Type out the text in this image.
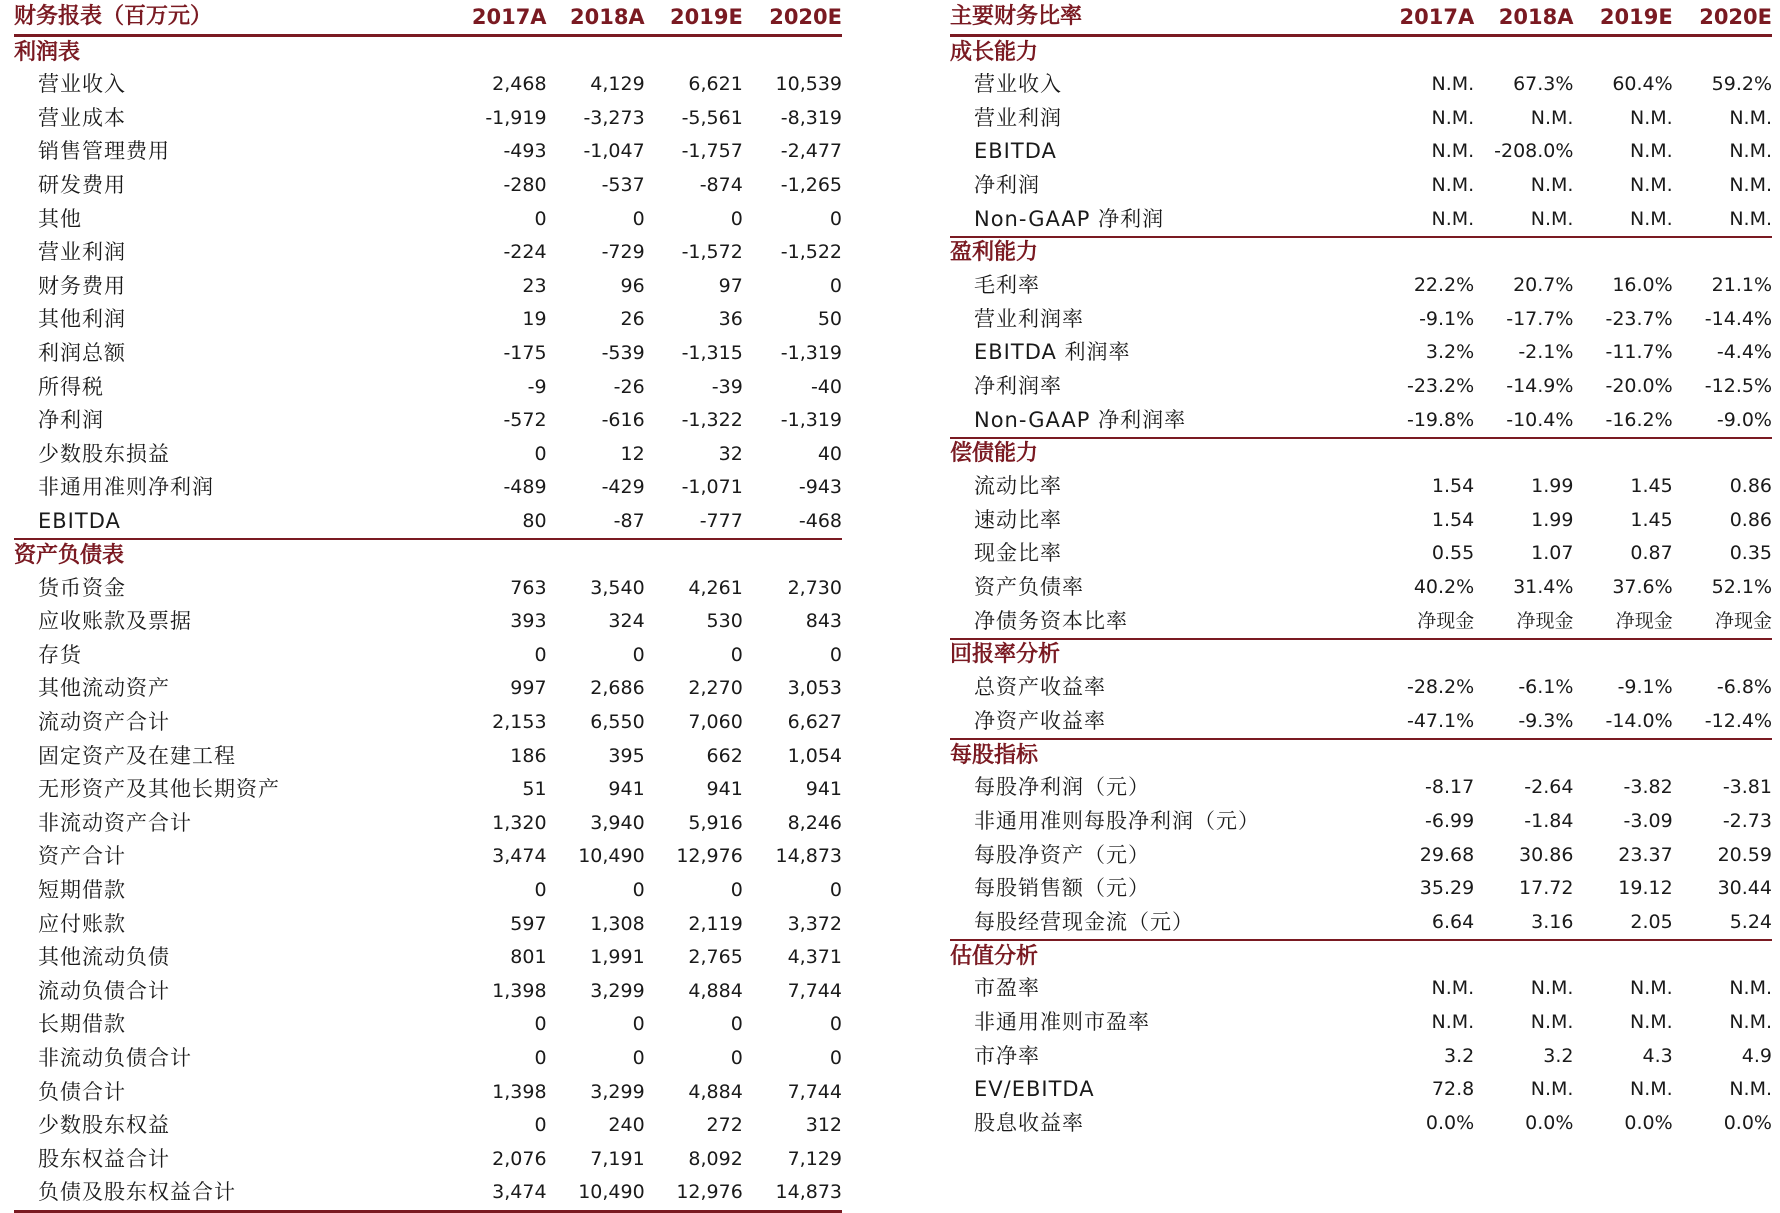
财务报表（百万元）	2017A	2018A	2019E	2020E
利润表				
营业收入	2,468	4,129	6,621	10,539
营业成本	-1,919	-3,273	-5,561	-8,319
销售管理费用	-493	-1,047	-1,757	-2,477
研发费用	-280	-537	-874	-1,265
其他	0	0	0	0
营业利润	-224	-729	-1,572	-1,522
财务费用	23	96	97	0
其他利润	19	26	36	50
利润总额	-175	-539	-1,315	-1,319
所得税	-9	-26	-39	-40
净利润	-572	-616	-1,322	-1,319
少数股东损益	0	12	32	40
非通用准则净利润	-489	-429	-1,071	-943
EBITDA	80	-87	-777	-468
资产负债表				
货币资金	763	3,540	4,261	2,730
应收账款及票据	393	324	530	843
存货	0	0	0	0
其他流动资产	997	2,686	2,270	3,053
流动资产合计	2,153	6,550	7,060	6,627
固定资产及在建工程	186	395	662	1,054
无形资产及其他长期资产	51	941	941	941
非流动资产合计	1,320	3,940	5,916	8,246
资产合计	3,474	10,490	12,976	14,873
短期借款	0	0	0	0
应付账款	597	1,308	2,119	3,372
其他流动负债	801	1,991	2,765	4,371
流动负债合计	1,398	3,299	4,884	7,744
长期借款	0	0	0	0
非流动负债合计	0	0	0	0
负债合计	1,398	3,299	4,884	7,744
少数股东权益	0	240	272	312
股东权益合计	2,076	7,191	8,092	7,129
负债及股东权益合计	3,474	10,490	12,976	14,873
主要财务比率	2017A	2018A	2019E	2020E
成长能力				
营业收入	N.M.	67.3%	60.4%	59.2%
营业利润	N.M.	N.M.	N.M.	N.M.
EBITDA	N.M.	-208.0%	N.M.	N.M.
净利润	N.M.	N.M.	N.M.	N.M.
Non-GAAP 净利润	N.M.	N.M.	N.M.	N.M.
盈利能力				
毛利率	22.2%	20.7%	16.0%	21.1%
营业利润率	-9.1%	-17.7%	-23.7%	-14.4%
EBITDA 利润率	3.2%	-2.1%	-11.7%	-4.4%
净利润率	-23.2%	-14.9%	-20.0%	-12.5%
Non-GAAP 净利润率	-19.8%	-10.4%	-16.2%	-9.0%
偿债能力				
流动比率	1.54	1.99	1.45	0.86
速动比率	1.54	1.99	1.45	0.86
现金比率	0.55	1.07	0.87	0.35
资产负债率	40.2%	31.4%	37.6%	52.1%
净债务资本比率	净现金	净现金	净现金	净现金
回报率分析				
总资产收益率	-28.2%	-6.1%	-9.1%	-6.8%
净资产收益率	-47.1%	-9.3%	-14.0%	-12.4%
每股指标				
每股净利润（元）	-8.17	-2.64	-3.82	-3.81
非通用准则每股净利润（元）	-6.99	-1.84	-3.09	-2.73
每股净资产（元）	29.68	30.86	23.37	20.59
每股销售额（元）	35.29	17.72	19.12	30.44
每股经营现金流（元）	6.64	3.16	2.05	5.24
估值分析				
市盈率	N.M.	N.M.	N.M.	N.M.
非通用准则市盈率	N.M.	N.M.	N.M.	N.M.
市净率	3.2	3.2	4.3	4.9
EV/EBITDA	72.8	N.M.	N.M.	N.M.
股息收益率	0.0%	0.0%	0.0%	0.0%
